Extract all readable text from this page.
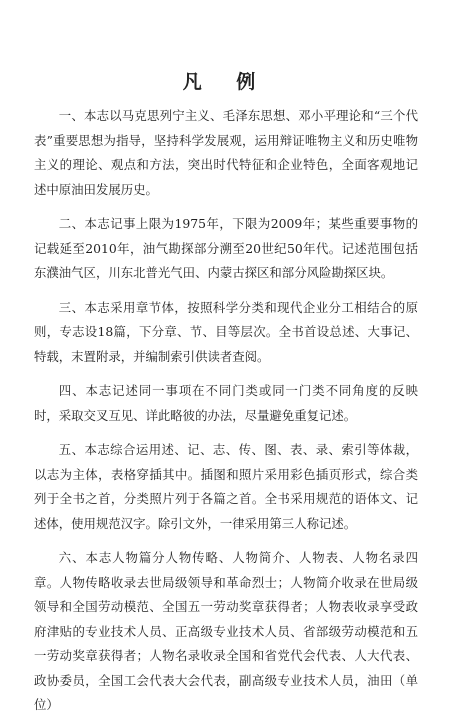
凡 例

一、本志以马克思列宁主义、毛泽东思想、邓小平理论和“三个代表”重要思想为指导，坚持科学发展观，运用辩证唯物主义和历史唯物主义的理论、观点和方法，突出时代特征和企业特色，全面客观地记述中原油田发展历史。

二、本志记事上限为1975年，下限为2009年；某些重要事物的记载延至2010年，油气勘探部分溯至20世纪50年代。记述范围包括东濮油气区，川东北普光气田、内蒙古探区和部分风险勘探区块。

三、本志采用章节体，按照科学分类和现代企业分工相结合的原则，专志设18篇，下分章、节、目等层次。全书首设总述、大事记、特载，末置附录，并编制索引供读者查阅。

四、本志记述同一事项在不同门类或同一门类不同角度的反映时，采取交叉互见、详此略彼的办法，尽量避免重复记述。

五、本志综合运用述、记、志、传、图、表、录、索引等体裁，以志为主体，表格穿插其中。插图和照片采用彩色插页形式，综合类列于全书之首，分类照片列于各篇之首。全书采用规范的语体文、记述体，使用规范汉字。除引文外，一律采用第三人称记述。

六、本志人物篇分人物传略、人物简介、人物表、人物名录四章。人物传略收录去世局级领导和革命烈士；人物简介收录在世局级领导和全国劳动模范、全国五一劳动奖章获得者；人物表收录享受政府津贴的专业技术人员、正高级专业技术人员、省部级劳动模范和五一劳动奖章获得者；人物名录收录全国和省党代会代表、人大代表、政协委员，全国工会代表大会代表，副高级专业技术人员，油田（单位）
